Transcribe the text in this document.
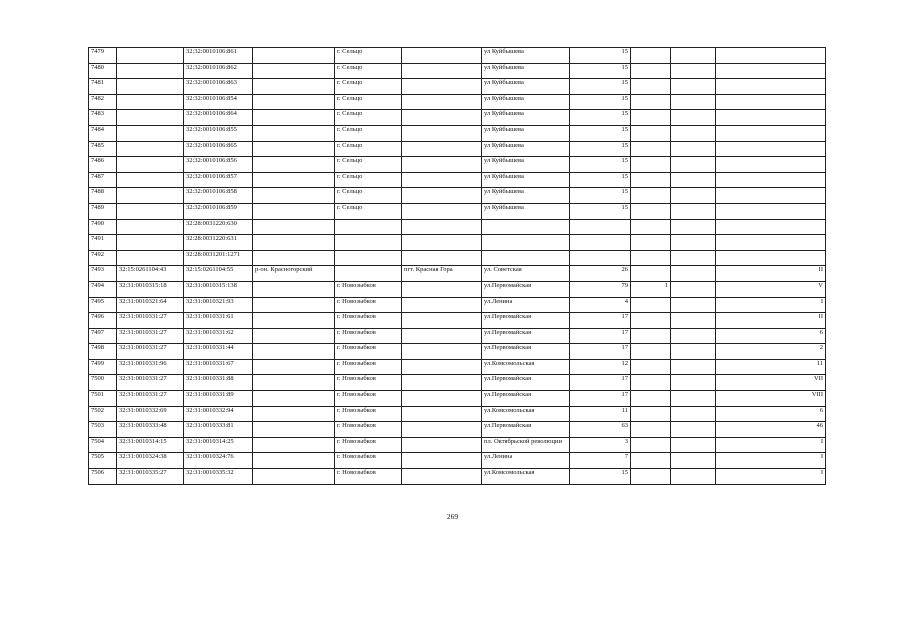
7479		32:32:0010106:861		г. Сельцо		ул Куйбышева	15			
7480		32:32:0010106:862		г. Сельцо		ул Куйбышева	15			
7481		32:32:0010106:863		г. Сельцо		ул Куйбышева	15			
7482		32:32:0010106:854		г. Сельцо		ул Куйбышева	15			
7483		32:32:0010106:864		г. Сельцо		ул Куйбышева	15			
7484		32:32:0010106:855		г. Сельцо		ул Куйбышева	15			
7485		32:32:0010106:865		г. Сельцо		ул Куйбышева	15			
7486		32:32:0010106:856		г. Сельцо		ул Куйбышева	15			
7487		32:32:0010106:857		г. Сельцо		ул Куйбышева	15			
7488		32:32:0010106:858		г. Сельцо		ул Куйбышева	15			
7489		32:32:0010106:859		г. Сельцо		ул Куйбышева	15			
7490		32:28:0031220:630								
7491		32:28:0031220:631								
7492		32:28:0031201:1271								
7493	32:15:0261104:43	32:15:0261104:55	р-он. Красногорский		пгт. Красная Гора	ул. Советская	26			II
7494	32:31:0010315:18	32:31:0010315:138		г. Новозыбков		ул.Первомайская	79	1		V
7495	32:31:0010321:64	32:31:0010321:93		г. Новозыбков		ул.Ленина	4			I
7496	32:31:0010331:27	32:31:0010331:61		г. Новозыбков		ул.Первомайская	17			II
7497	32:31:0010331:27	32:31:0010331:62		г. Новозыбков		ул.Первомайская	17			6
7498	32:31:0010331:27	32:31:0010331:44		г. Новозыбков		ул.Первомайская	17			2
7499	32:31:0010331:96	32:31:0010331:67		г. Новозыбков		ул.Комсомольская	12			11
7500	32:31:0010331:27	32:31:0010331:88		г. Новозыбков		ул.Первомайская	17			VII
7501	32:31:0010331:27	32:31:0010331:89		г. Новозыбков		ул.Первомайская	17			VIII
7502	32:31:0010332:69	32:31:0010332:94		г. Новозыбков		ул.Комсомольская	11			6
7503	32:31:0010333:48	32:31:0010333:81		г. Новозыбков		ул.Первомайская	63			46
7504	32:31:0010314:15	32:31:0010314:25		г. Новозыбков		пл. Октябрьской революции	3			I
7505	32:31:0010324:38	32:31:0010324:76		г. Новозыбков		ул.Ленина	7			I
7506	32:31:0010335:27	32:31:0010335:32		г. Новозыбков		ул.Комсомольская	15			I
269
